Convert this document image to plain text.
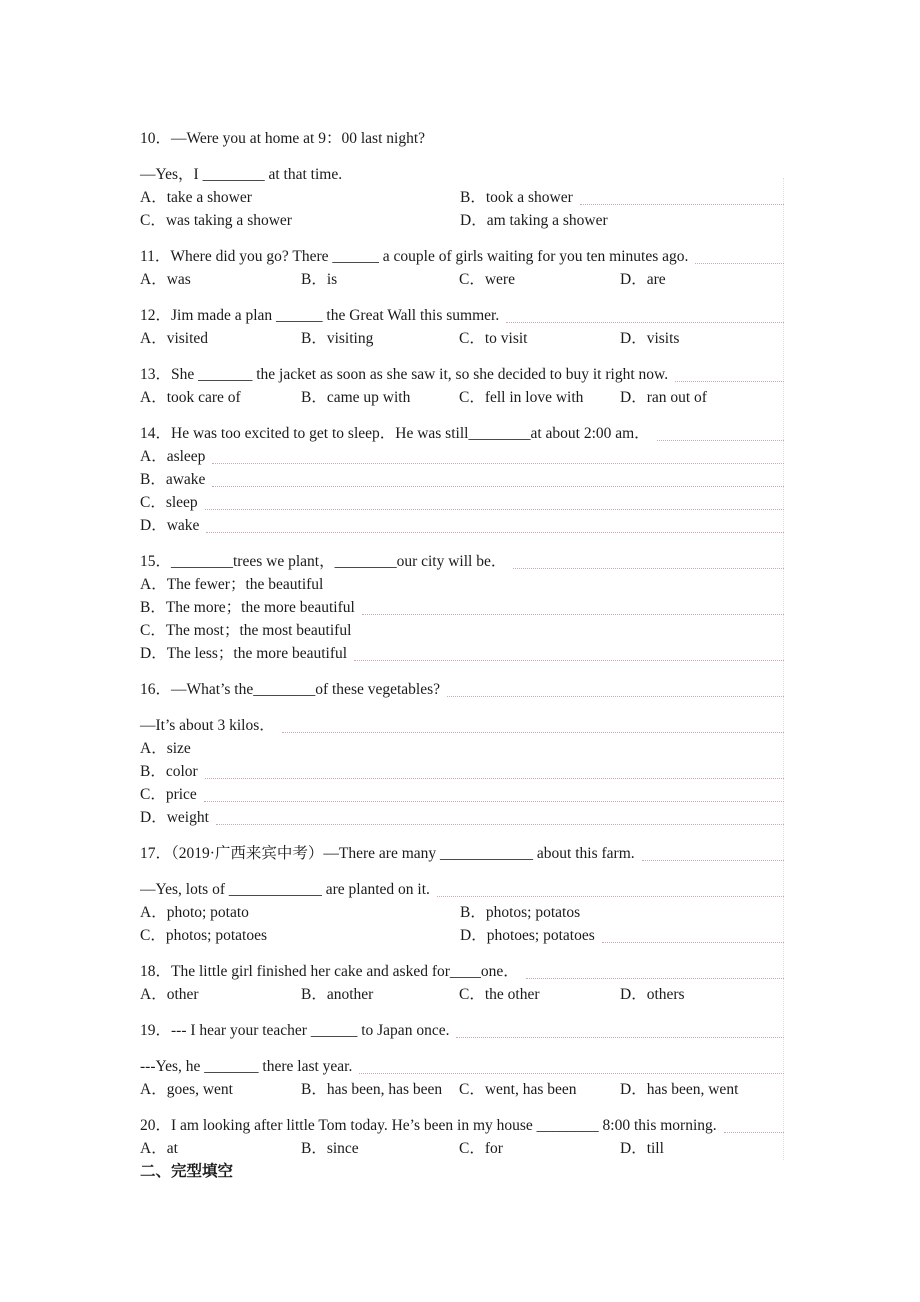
10．—Were you at home at 9：00 last night?
—Yes，I ________ at that time.
A．take a shower	B．took a shower
C．was taking a shower	D．am taking a shower
11．Where did you go? There ______ a couple of girls waiting for you ten minutes ago.
A．was	B．is	C．were	D．are
12．Jim made a plan ______ the Great Wall this summer.
A．visited	B．visiting	C．to visit	D．visits
13．She _______ the jacket as soon as she saw it, so she decided to buy it right now.
A．took care of	B．came up with	C．fell in love with	D．ran out of
14．He was too excited to get to sleep．He was still________at about 2:00 am．
A．asleep
B．awake
C．sleep
D．wake
15．________trees we plant，________our city will be．
A．The fewer；the beautiful
B．The more；the more beautiful
C．The most；the most beautiful
D．The less；the more beautiful
16．—What’s the________of these vegetables?
—It’s about 3 kilos．
A．size
B．color
C．price
D．weight
17．（2019·广西来宾中考）—There are many ____________ about this farm.
—Yes, lots of ____________ are planted on it.
A．photo; potato	B．photos; potatos
C．photos; potatoes	D．photoes; potatoes
18．The little girl finished her cake and asked for____one．
A．other	B．another	C．the other	D．others
19．--- I hear your teacher ______ to Japan once.
---Yes, he _______ there last year.
A．goes, went	B．has been, has been	C．went, has been	D．has been, went
20．I am looking after little Tom today. He’s been in my house ________ 8:00 this morning.
A．at	B．since	C．for	D．till
二、完型填空
